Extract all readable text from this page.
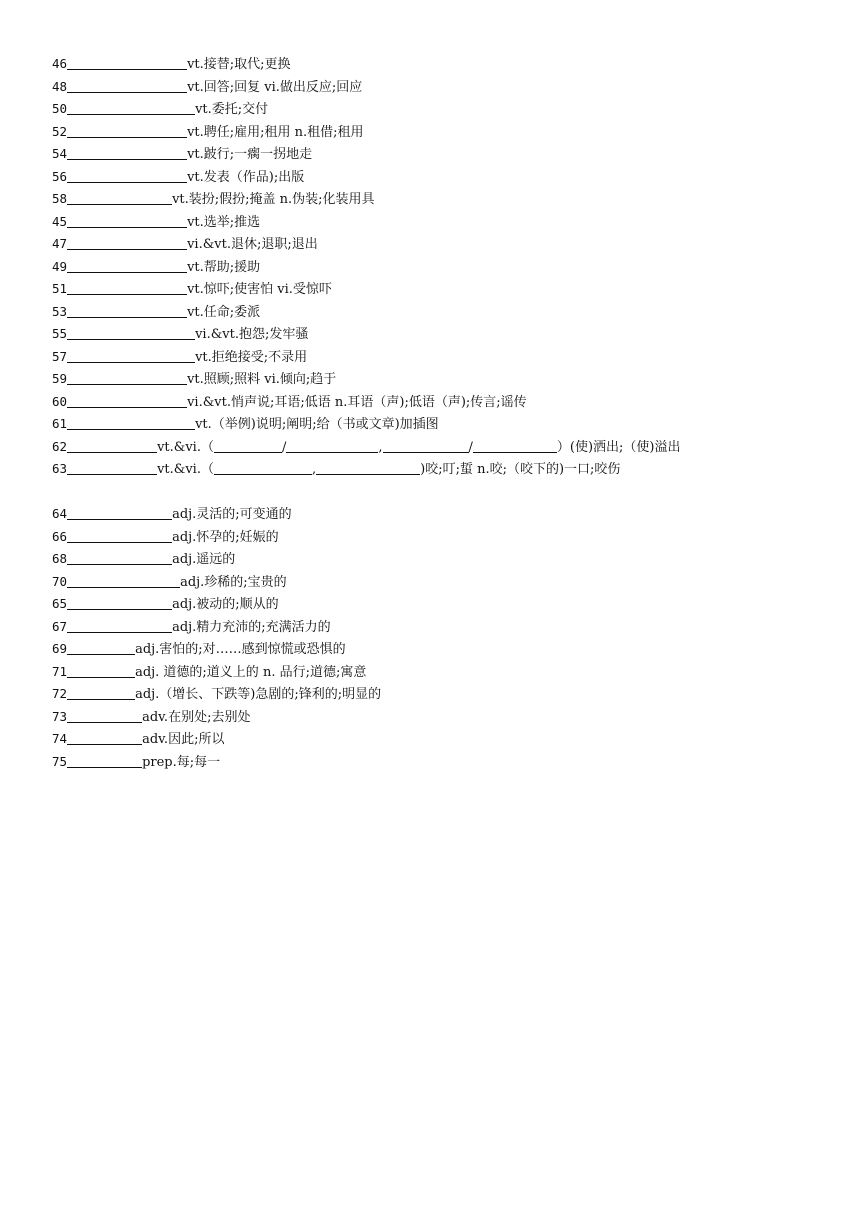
46	vt.接替;取代;更换
48	vt.回答;回复 vi.做出反应;回应
50	vt.委托;交付
52	vt.聘任;雇用;租用 n.租借;租用
54	vt.跛行;一瘸一拐地走
56	vt.发表（作品);出版
58	vt.装扮;假扮;掩盖 n.伪装;化装用具
45	vt.选举;推选
47	vi.&vt.退休;退职;退出
49	vt.帮助;援助
51	vt.惊吓;使害怕 vi.受惊吓
53	vt.任命;委派
55	vi.&vt.抱怨;发牢骚
57	vt.拒绝接受;不录用
59	vt.照顾;照料 vi.倾向;趋于
60	vi.&vt.悄声说;耳语;低语 n.耳语（声);低语（声);传言;谣传
61	vt.（举例)说明;阐明;给（书或文章)加插图
62	vt.&vi.（	/	,	/	）(使)洒出;（使)溢出
63	vt.&vi.（	,	)咬;叮;蜇 n.咬;（咬下的)一口;咬伤
64	adj.灵活的;可变通的
66	adj.怀孕的;妊娠的
68	adj.遥远的
70	adj.珍稀的;宝贵的
65	adj.被动的;顺从的
67	adj.精力充沛的;充满活力的
69	adj.害怕的;对……感到惊慌或恐惧的
71	adj. 道德的;道义上的 n. 品行;道德;寓意
72	adj.（增长、下跌等)急剧的;锋利的;明显的
73	adv.在别处;去别处
74	adv.因此;所以
75	prep.每;每一
